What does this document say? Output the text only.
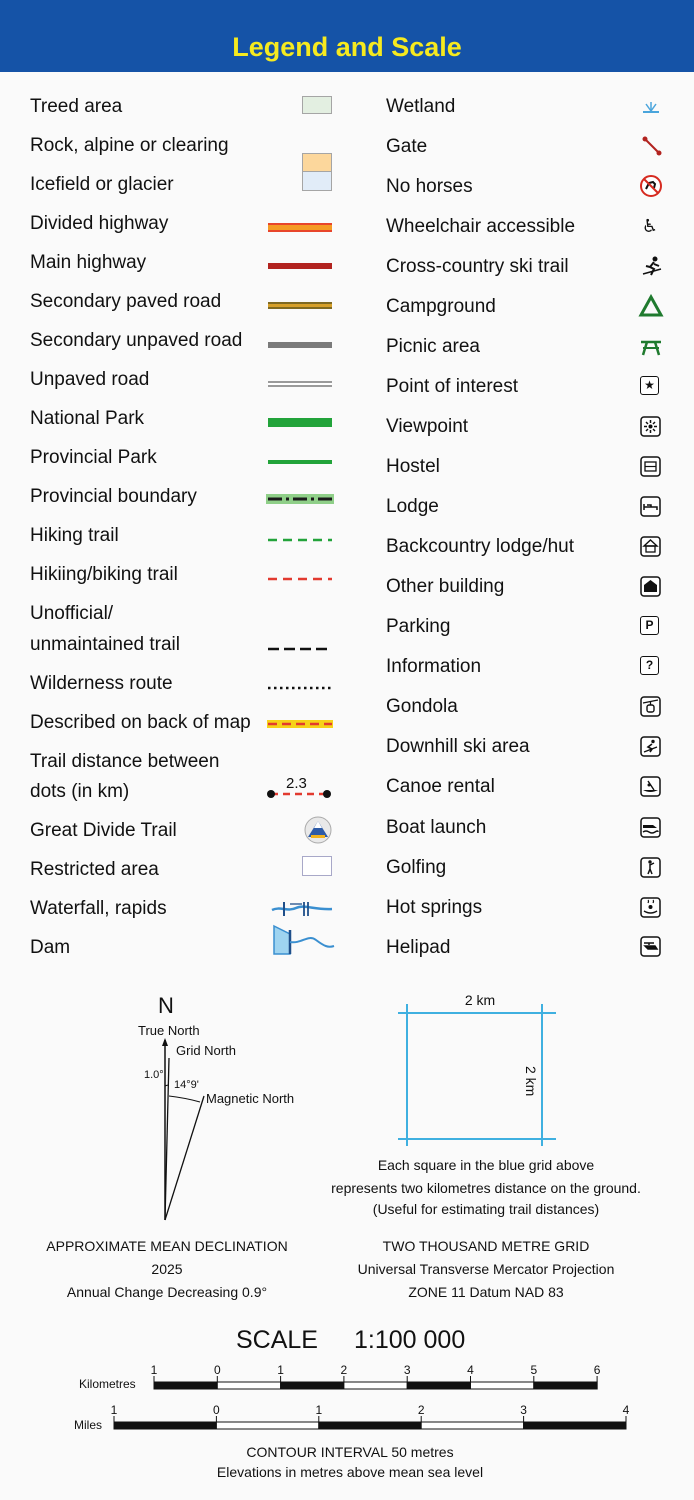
Legend and Scale
Treed area
Rock, alpine or clearing
Icefield or glacier
Divided highway
Main highway
Secondary paved road
Secondary unpaved road
Unpaved road
National Park
Provincial Park
Provincial boundary
Hiking trail
Hikiing/biking trail
Unofficial/
unmaintained trail
Wilderness route
Described on back of map
Trail distance between
dots (in km)
Great Divide Trail
Restricted area
Waterfall, rapids
Dam
2.3
Wetland
Gate
No horses
Wheelchair accessible
Cross-country ski trail
Campground
Picnic area
Point of interest
Viewpoint
Hostel
Lodge
Backcountry lodge/hut
Other building
Parking
Information
Gondola
Downhill ski area
Canoe rental
Boat launch
Golfing
Hot springs
Helipad
♿
★
P
?
N
True North
Grid North
1.0°
14°9'
Magnetic North
APPROXIMATE MEAN DECLINATION
2025
Annual Change Decreasing 0.9°
2 km
2 km
Each square in the blue grid above
represents two kilometres distance on the ground.
(Useful for estimating trail distances)
TWO THOUSAND METRE GRID
Universal Transverse Mercator Projection
ZONE 11 Datum NAD 83
SCALE 1:100 000
Kilometres
Miles
1	0	1	2	3	4	5	6
1	0	1	2	3	4
CONTOUR INTERVAL 50 metres
Elevations in metres above mean sea level
